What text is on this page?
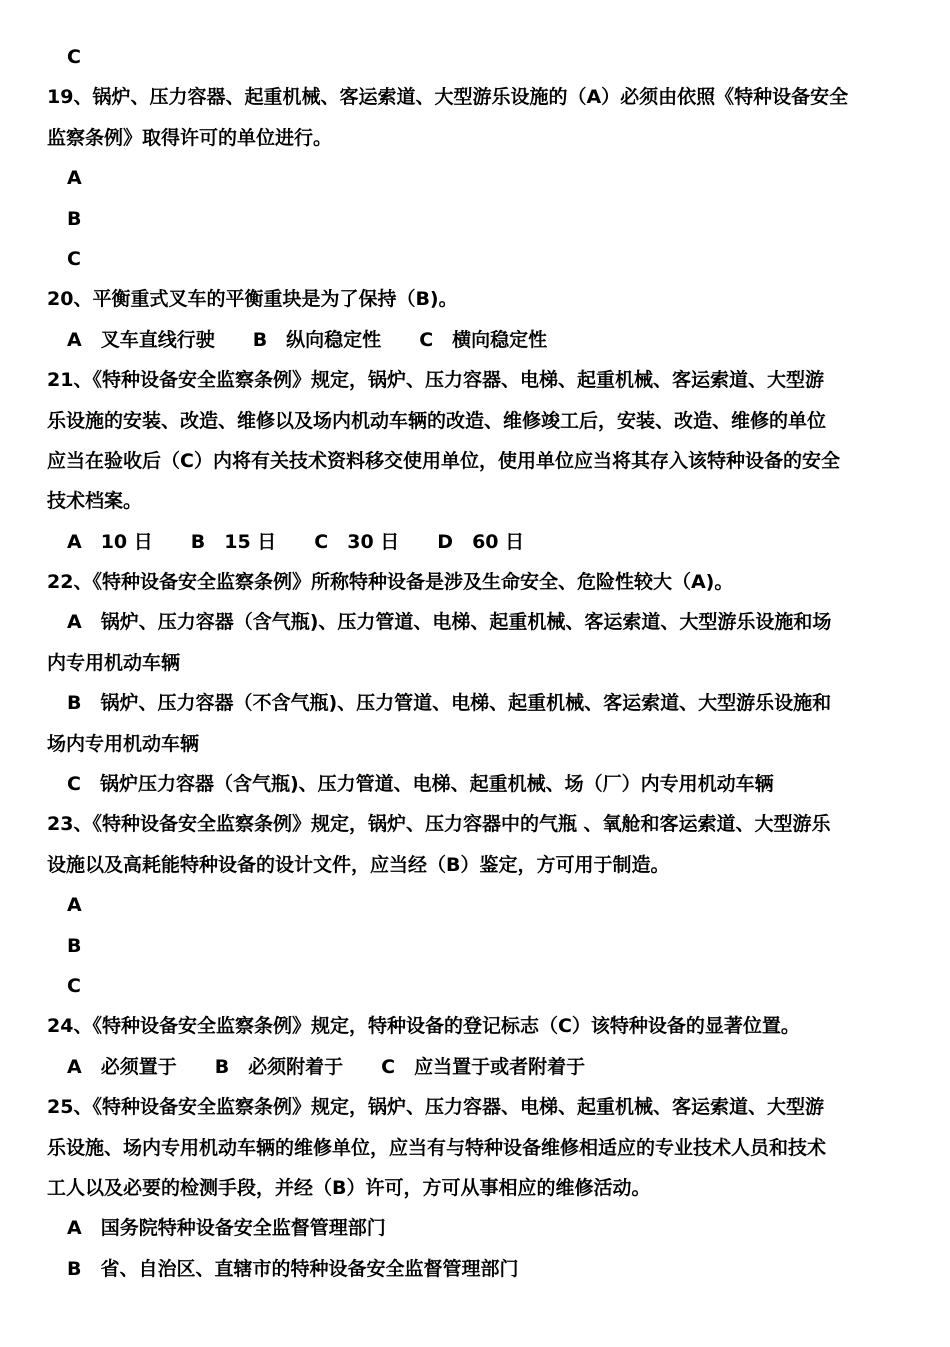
C
19、锅炉、压力容器、起重机械、客运索道、大型游乐设施的（A）必须由依照《特种设备安全
监察条例》取得许可的单位进行。
A
B
C
20、平衡重式叉车的平衡重块是为了保持（B)。
A　叉车直线行驶　　B　纵向稳定性　　C　横向稳定性
21、《特种设备安全监察条例》规定，锅炉、压力容器、电梯、起重机械、客运索道、大型游
乐设施的安装、改造、维修以及场内机动车辆的改造、维修竣工后，安装、改造、维修的单位
应当在验收后（C）内将有关技术资料移交使用单位，使用单位应当将其存入该特种设备的安全
技术档案。
A　10 日　　B　15 日　　C　30 日　　D　60 日
22、《特种设备安全监察条例》所称特种设备是涉及生命安全、危险性较大（A)。
A　锅炉、压力容器（含气瓶)、压力管道、电梯、起重机械、客运索道、大型游乐设施和场
内专用机动车辆
B　锅炉、压力容器（不含气瓶)、压力管道、电梯、起重机械、客运索道、大型游乐设施和
场内专用机动车辆
C　锅炉压力容器（含气瓶)、压力管道、电梯、起重机械、场（厂）内专用机动车辆
23、《特种设备安全监察条例》规定，锅炉、压力容器中的气瓶 、氧舱和客运索道、大型游乐
设施以及高耗能特种设备的设计文件，应当经（B）鉴定，方可用于制造。
A
B
C
24、《特种设备安全监察条例》规定，特种设备的登记标志（C）该特种设备的显著位置。
A　必须置于　　B　必须附着于　　C　应当置于或者附着于
25、《特种设备安全监察条例》规定，锅炉、压力容器、电梯、起重机械、客运索道、大型游
乐设施、场内专用机动车辆的维修单位，应当有与特种设备维修相适应的专业技术人员和技术
工人以及必要的检测手段，并经（B）许可，方可从事相应的维修活动。
A　国务院特种设备安全监督管理部门
B　省、自治区、直辖市的特种设备安全监督管理部门
